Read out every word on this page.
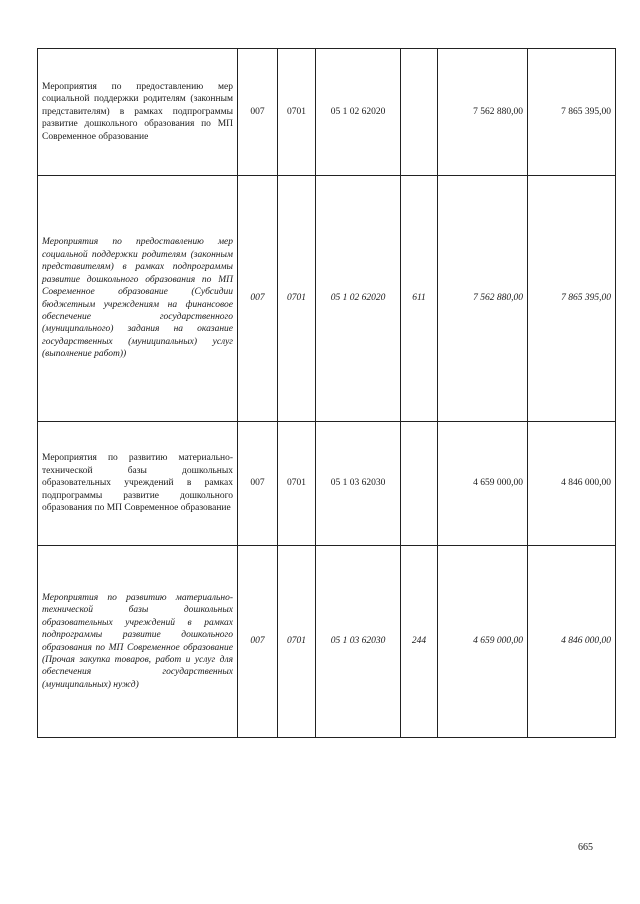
Мероприятия по предоставлению мер социальной поддержки родителям (законным представителям) в рамках подпрограммы развитие дошкольного образования по МП Современное образование	007	0701	05 1 02 62020		7 562 880,00	7 865 395,00
Мероприятия по предоставлению мер социальной поддержки родителям (законным представителям) в рамках подпрограммы развитие дошкольного образования по МП Современное образование (Субсидии бюджетным учреждениям на финансовое обеспечение государственного (муниципального) задания на оказание государственных (муниципальных) услуг (выполнение работ))	007	0701	05 1 02 62020	611	7 562 880,00	7 865 395,00
Мероприятия по развитию материально-технической базы дошкольных образовательных учреждений в рамках подпрограммы развитие дошкольного образования по МП Современное образование	007	0701	05 1 03 62030		4 659 000,00	4 846 000,00
Мероприятия по развитию материально-технической базы дошкольных образовательных учреждений в рамках подпрограммы развитие дошкольного образования по МП Современное образование (Прочая закупка товаров, работ и услуг для обеспечения государственных (муниципальных) нужд)	007	0701	05 1 03 62030	244	4 659 000,00	4 846 000,00
665
